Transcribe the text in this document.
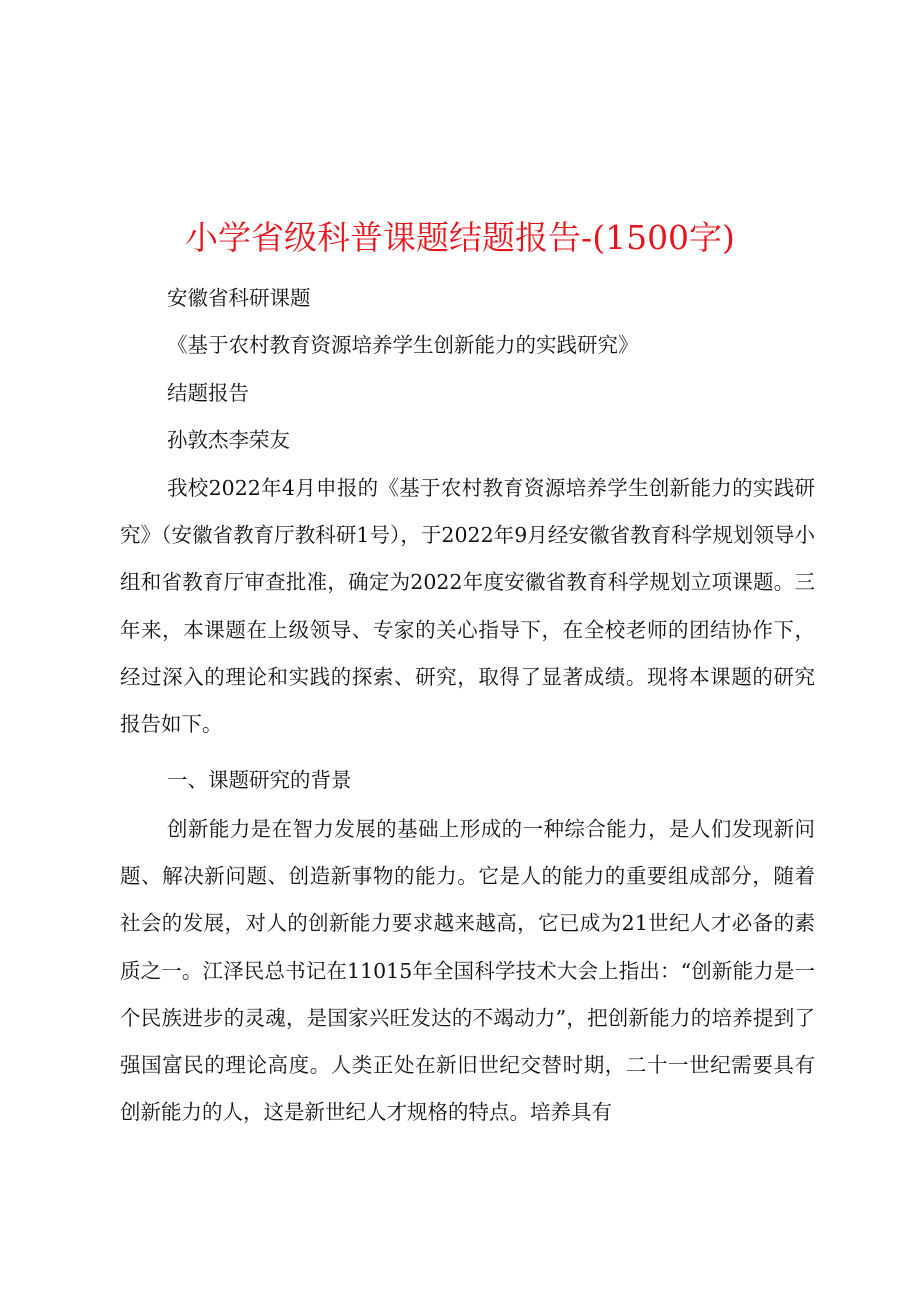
小学省级科普课题结题报告-(1500字)
安徽省科研课题
《基于农村教育资源培养学生创新能力的实践研究》
结题报告
孙敦杰李荣友

我校2022年4月申报的《基于农村教育资源培养学生创新能力的实践研究》（安徽省教育厅教科研1号），于2022年9月经安徽省教育科学规划领导小组和省教育厅审查批准，确定为2022年度安徽省教育科学规划立项课题。三年来，本课题在上级领导、专家的关心指导下，在全校老师的团结协作下，经过深入的理论和实践的探索、研究，取得了显著成绩。现将本课题的研究报告如下。

一、课题研究的背景

创新能力是在智力发展的基础上形成的一种综合能力，是人们发现新问题、解决新问题、创造新事物的能力。它是人的能力的重要组成部分，随着社会的发展，对人的创新能力要求越来越高，它已成为21世纪人才必备的素质之一。江泽民总书记在11015年全国科学技术大会上指出：“创新能力是一个民族进步的灵魂，是国家兴旺发达的不竭动力”，把创新能力的培养提到了强国富民的理论高度。人类正处在新旧世纪交替时期，二十一世纪需要具有创新能力的人，这是新世纪人才规格的特点。培养具有
